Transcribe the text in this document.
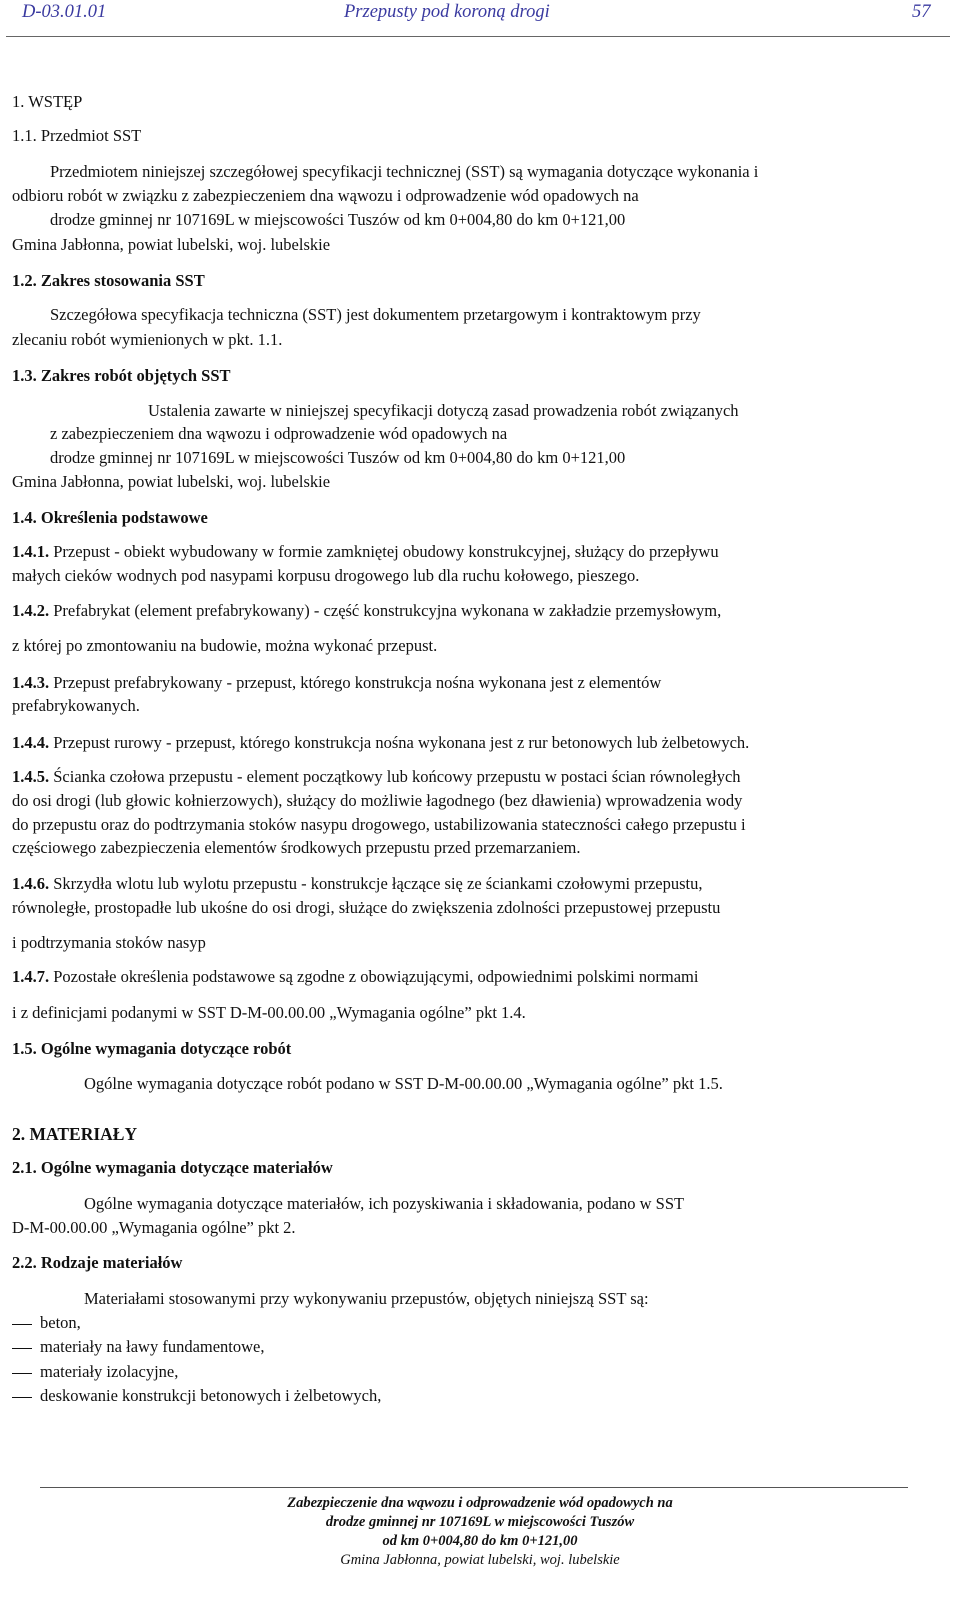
D-03.01.01	Przepusty pod koroną drogi	57
1. WSTĘP
1.1. Przedmiot SST
Przedmiotem niniejszej szczegółowej specyfikacji technicznej (SST) są wymagania dotyczące wykonania i
odbioru robót w związku z zabezpieczeniem dna wąwozu i odprowadzenie wód opadowych na
drodze gminnej nr 107169L w miejscowości Tuszów od km 0+004,80 do km 0+121,00
Gmina Jabłonna, powiat lubelski, woj. lubelskie
1.2. Zakres stosowania SST
Szczegółowa specyfikacja techniczna (SST) jest dokumentem przetargowym i kontraktowym przy
zlecaniu robót wymienionych w pkt. 1.1.
1.3. Zakres robót objętych SST
Ustalenia zawarte w niniejszej specyfikacji dotyczą zasad prowadzenia robót związanych
z zabezpieczeniem dna wąwozu i odprowadzenie wód opadowych na
drodze gminnej nr 107169L w miejscowości Tuszów od km 0+004,80 do km 0+121,00
Gmina Jabłonna, powiat lubelski, woj. lubelskie
1.4. Określenia podstawowe
1.4.1. Przepust - obiekt wybudowany w formie zamkniętej obudowy konstrukcyjnej, służący do przepływu
małych cieków wodnych pod nasypami korpusu drogowego lub dla ruchu kołowego, pieszego.
1.4.2. Prefabrykat (element prefabrykowany) - część konstrukcyjna wykonana w zakładzie przemysłowym,
z której po zmontowaniu na budowie, można wykonać przepust.
1.4.3. Przepust prefabrykowany - przepust, którego konstrukcja nośna wykonana jest z elementów
prefabrykowanych.
1.4.4. Przepust rurowy - przepust, którego konstrukcja nośna wykonana jest z rur betonowych lub żelbetowych.
1.4.5. Ścianka czołowa przepustu - element początkowy lub końcowy przepustu w postaci ścian równoległych
do osi drogi (lub głowic kołnierzowych), służący do możliwie łagodnego (bez dławienia) wprowadzenia wody
do przepustu oraz do podtrzymania stoków nasypu drogowego, ustabilizowania stateczności całego przepustu i
częściowego zabezpieczenia elementów środkowych przepustu przed przemarzaniem.
1.4.6. Skrzydła wlotu lub wylotu przepustu - konstrukcje łączące się ze ściankami czołowymi przepustu,
równoległe, prostopadłe lub ukośne do osi drogi, służące do zwiększenia zdolności przepustowej przepustu
i podtrzymania stoków nasyp
1.4.7. Pozostałe określenia podstawowe są zgodne z obowiązującymi, odpowiednimi polskimi normami
i z definicjami podanymi w SST D-M-00.00.00 „Wymagania ogólne” pkt 1.4.
1.5. Ogólne wymagania dotyczące robót
Ogólne wymagania dotyczące robót podano w SST D-M-00.00.00 „Wymagania ogólne” pkt 1.5.
2. MATERIAŁY
2.1. Ogólne wymagania dotyczące materiałów
Ogólne wymagania dotyczące materiałów, ich pozyskiwania i składowania, podano w SST
D-M-00.00.00 „Wymagania ogólne” pkt 2.
2.2. Rodzaje materiałów
Materiałami stosowanymi przy wykonywaniu przepustów, objętych niniejszą SST są:
beton,
materiały na ławy fundamentowe,
materiały izolacyjne,
deskowanie konstrukcji betonowych i żelbetowych,
Zabezpieczenie dna wąwozu i odprowadzenie wód opadowych na
drodze gminnej nr 107169L w miejscowości Tuszów
od km 0+004,80 do km 0+121,00
Gmina Jabłonna, powiat lubelski, woj. lubelskie
